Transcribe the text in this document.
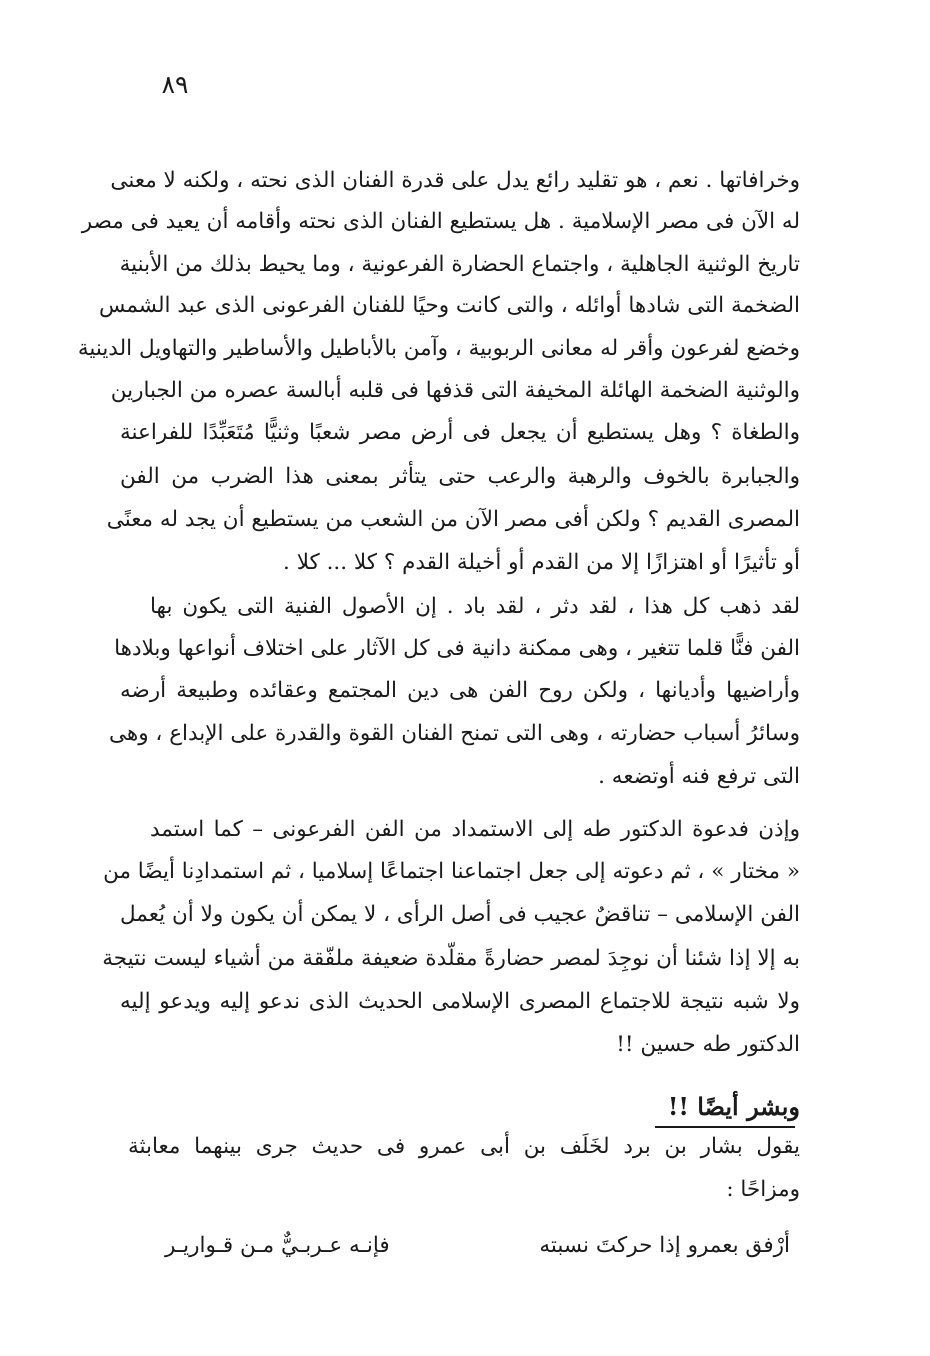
٨٩
وخرافاتها . نعم ، هو تقليد رائع يدل على قدرة الفنان الذى نحته ، ولكنه لا معنى
له الآن فى مصر الإسلامية . هل يستطيع الفنان الذى نحته وأقامه أن يعيد فى مصر
تاريخ الوثنية الجاهلية ، واجتماع الحضارة الفرعونية ، وما يحيط بذلك من الأبنية
الضخمة التى شادها أوائله ، والتى كانت وحيًا للفنان الفرعونى الذى عبد الشمس
وخضع لفرعون وأقر له معانى الربوبية ، وآمن بالأباطيل والأساطير والتهاويل الدينية
والوثنية الضخمة الهائلة المخيفة التى قذفها فى قلبه أبالسة عصره من الجبارين
والطغاة ؟ وهل يستطيع أن يجعل فى أرض مصر شعبًا وثنيًّا مُتَعَبِّدًا للفراعنة
والجبابرة بالخوف والرهبة والرعب حتى يتأثر بمعنى هذا الضرب من الفن
المصرى القديم ؟ ولكن أفى مصر الآن من الشعب من يستطيع أن يجد له معنًى
أو تأثيرًا أو اهتزازًا إلا من القدم أو أخيلة القدم ؟ كلا ... كلا .
لقد ذهب كل هذا ، لقد دثر ، لقد باد . إن الأصول الفنية التى يكون بها
الفن فنًّا قلما تتغير ، وهى ممكنة دانية فى كل الآثار على اختلاف أنواعها وبلادها
وأراضيها وأديانها ، ولكن روح الفن هى دين المجتمع وعقائده وطبيعة أرضه
وسائرُ أسباب حضارته ، وهى التى تمنح الفنان القوة والقدرة على الإبداع ، وهى
التى ترفع فنه أوتضعه .
وإذن فدعوة الدكتور طه إلى الاستمداد من الفن الفرعونى – كما استمد
« مختار » ، ثم دعوته إلى جعل اجتماعنا اجتماعًا إسلاميا ، ثم استمدادِنا أيضًا من
الفن الإسلامى – تناقضٌ عجيب فى أصل الرأى ، لا يمكن أن يكون ولا أن يُعمل
به إلا إذا شئنا أن نوجِدَ لمصر حضارةً مقلّدة ضعيفة ملفّقة من أشياء ليست نتيجة
ولا شبه نتيجة للاجتماع المصرى الإسلامى الحديث الذى ندعو إليه ويدعو إليه
الدكتور طه حسين !!
وبشر أيضًا !!
يقول بشار بن برد لخَلَف بن أبى عمرو فى حديث جرى بينهما معابثة
ومزاحًا :
أرْفق بعمرو إذا حركتَ نسبته
فإنـه عـربـيٌّ مـن قـواريـر
